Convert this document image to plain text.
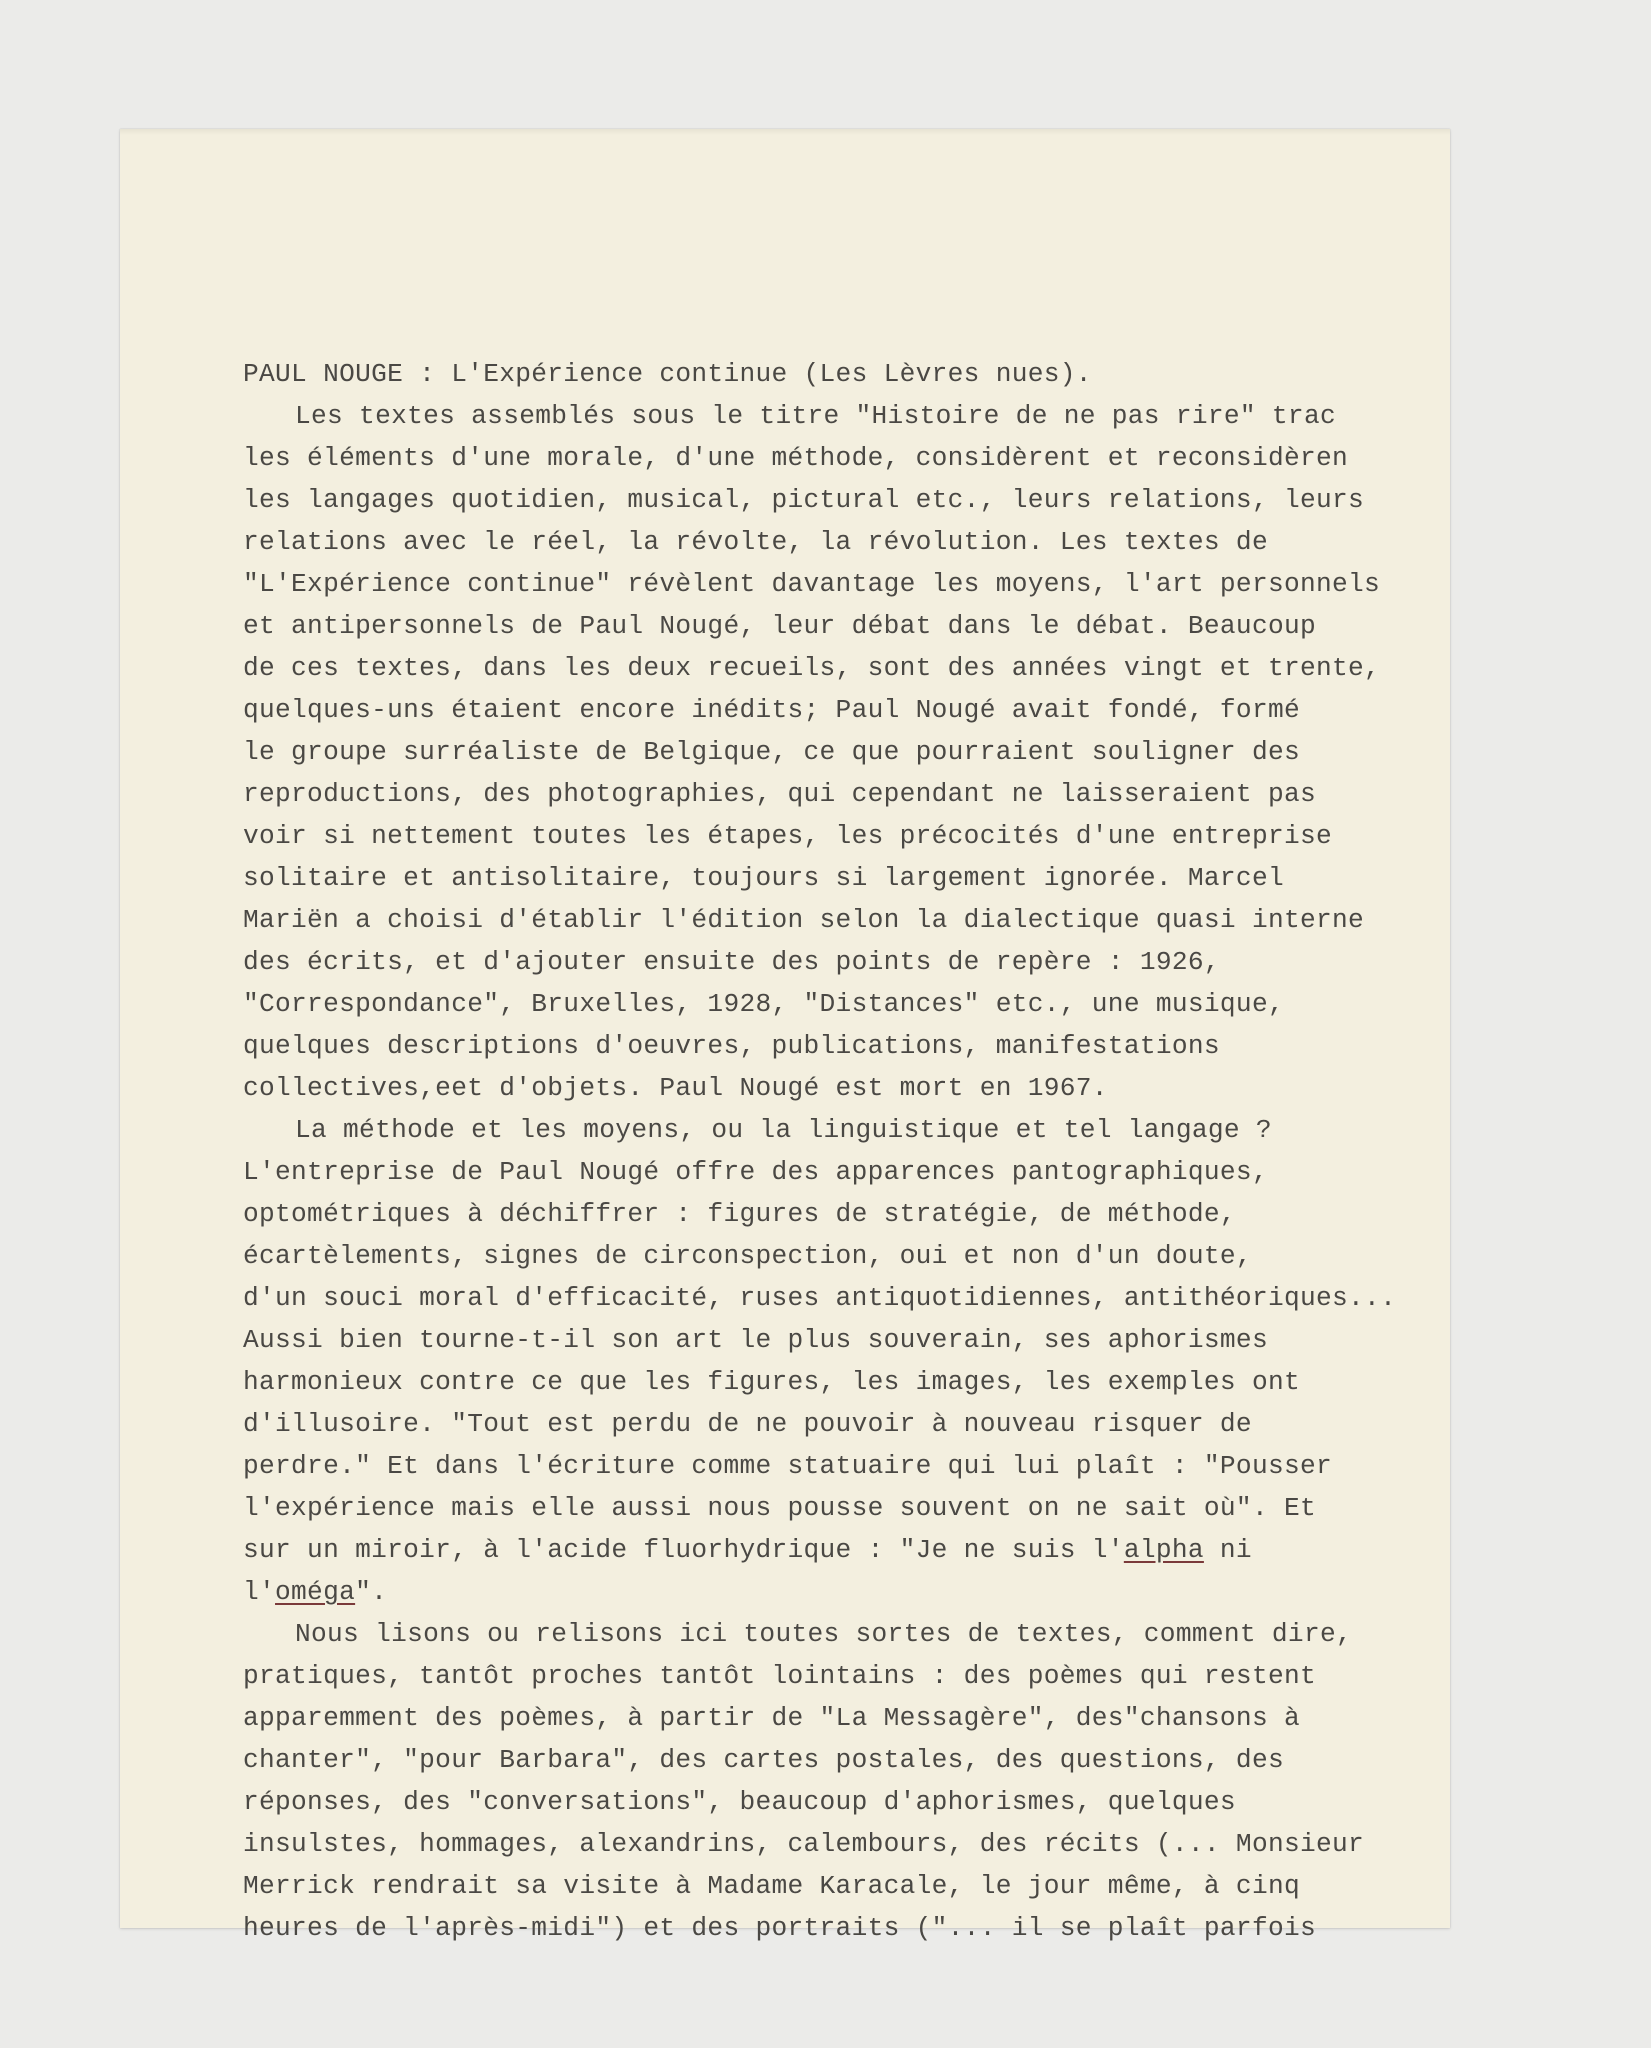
PAUL NOUGE : L'Expérience continue (Les Lèvres nues).
Les textes assemblés sous le titre "Histoire de ne pas rire" trac
les éléments d'une morale, d'une méthode, considèrent et reconsidèren
les langages quotidien, musical, pictural etc., leurs relations, leurs
relations avec le réel, la révolte, la révolution. Les textes de
"L'Expérience continue" révèlent davantage les moyens, l'art personnels
et antipersonnels de Paul Nougé, leur débat dans le débat. Beaucoup
de ces textes, dans les deux recueils, sont des années vingt et trente,
quelques-uns étaient encore inédits; Paul Nougé avait fondé, formé
le groupe surréaliste de Belgique, ce que pourraient souligner des
reproductions, des photographies, qui cependant ne laisseraient pas
voir si nettement toutes les étapes, les précocités d'une entreprise
solitaire et antisolitaire, toujours si largement ignorée. Marcel
Mariën a choisi d'établir l'édition selon la dialectique quasi interne
des écrits, et d'ajouter ensuite des points de repère : 1926,
"Correspondance", Bruxelles, 1928, "Distances" etc., une musique,
quelques descriptions d'oeuvres, publications, manifestations
collectives,eet d'objets. Paul Nougé est mort en 1967.
La méthode et les moyens, ou la linguistique et tel langage ?
L'entreprise de Paul Nougé offre des apparences pantographiques,
optométriques à déchiffrer : figures de stratégie, de méthode,
écartèlements, signes de circonspection, oui et non d'un doute,
d'un souci moral d'efficacité, ruses antiquotidiennes, antithéoriques...
Aussi bien tourne-t-il son art le plus souverain, ses aphorismes
harmonieux contre ce que les figures, les images, les exemples ont
d'illusoire. "Tout est perdu de ne pouvoir à nouveau risquer de
perdre." Et dans l'écriture comme statuaire qui lui plaît : "Pousser
l'expérience mais elle aussi nous pousse souvent on ne sait où". Et
sur un miroir, à l'acide fluorhydrique : "Je ne suis l'alpha ni
l'oméga".
Nous lisons ou relisons ici toutes sortes de textes, comment dire,
pratiques, tantôt proches tantôt lointains : des poèmes qui restent
apparemment des poèmes, à partir de "La Messagère", des"chansons à
chanter", "pour Barbara", des cartes postales, des questions, des
réponses, des "conversations", beaucoup d'aphorismes, quelques
insulstes, hommages, alexandrins, calembours, des récits (... Monsieur
Merrick rendrait sa visite à Madame Karacale, le jour même, à cinq
heures de l'après-midi") et des portraits ("... il se plaît parfois
